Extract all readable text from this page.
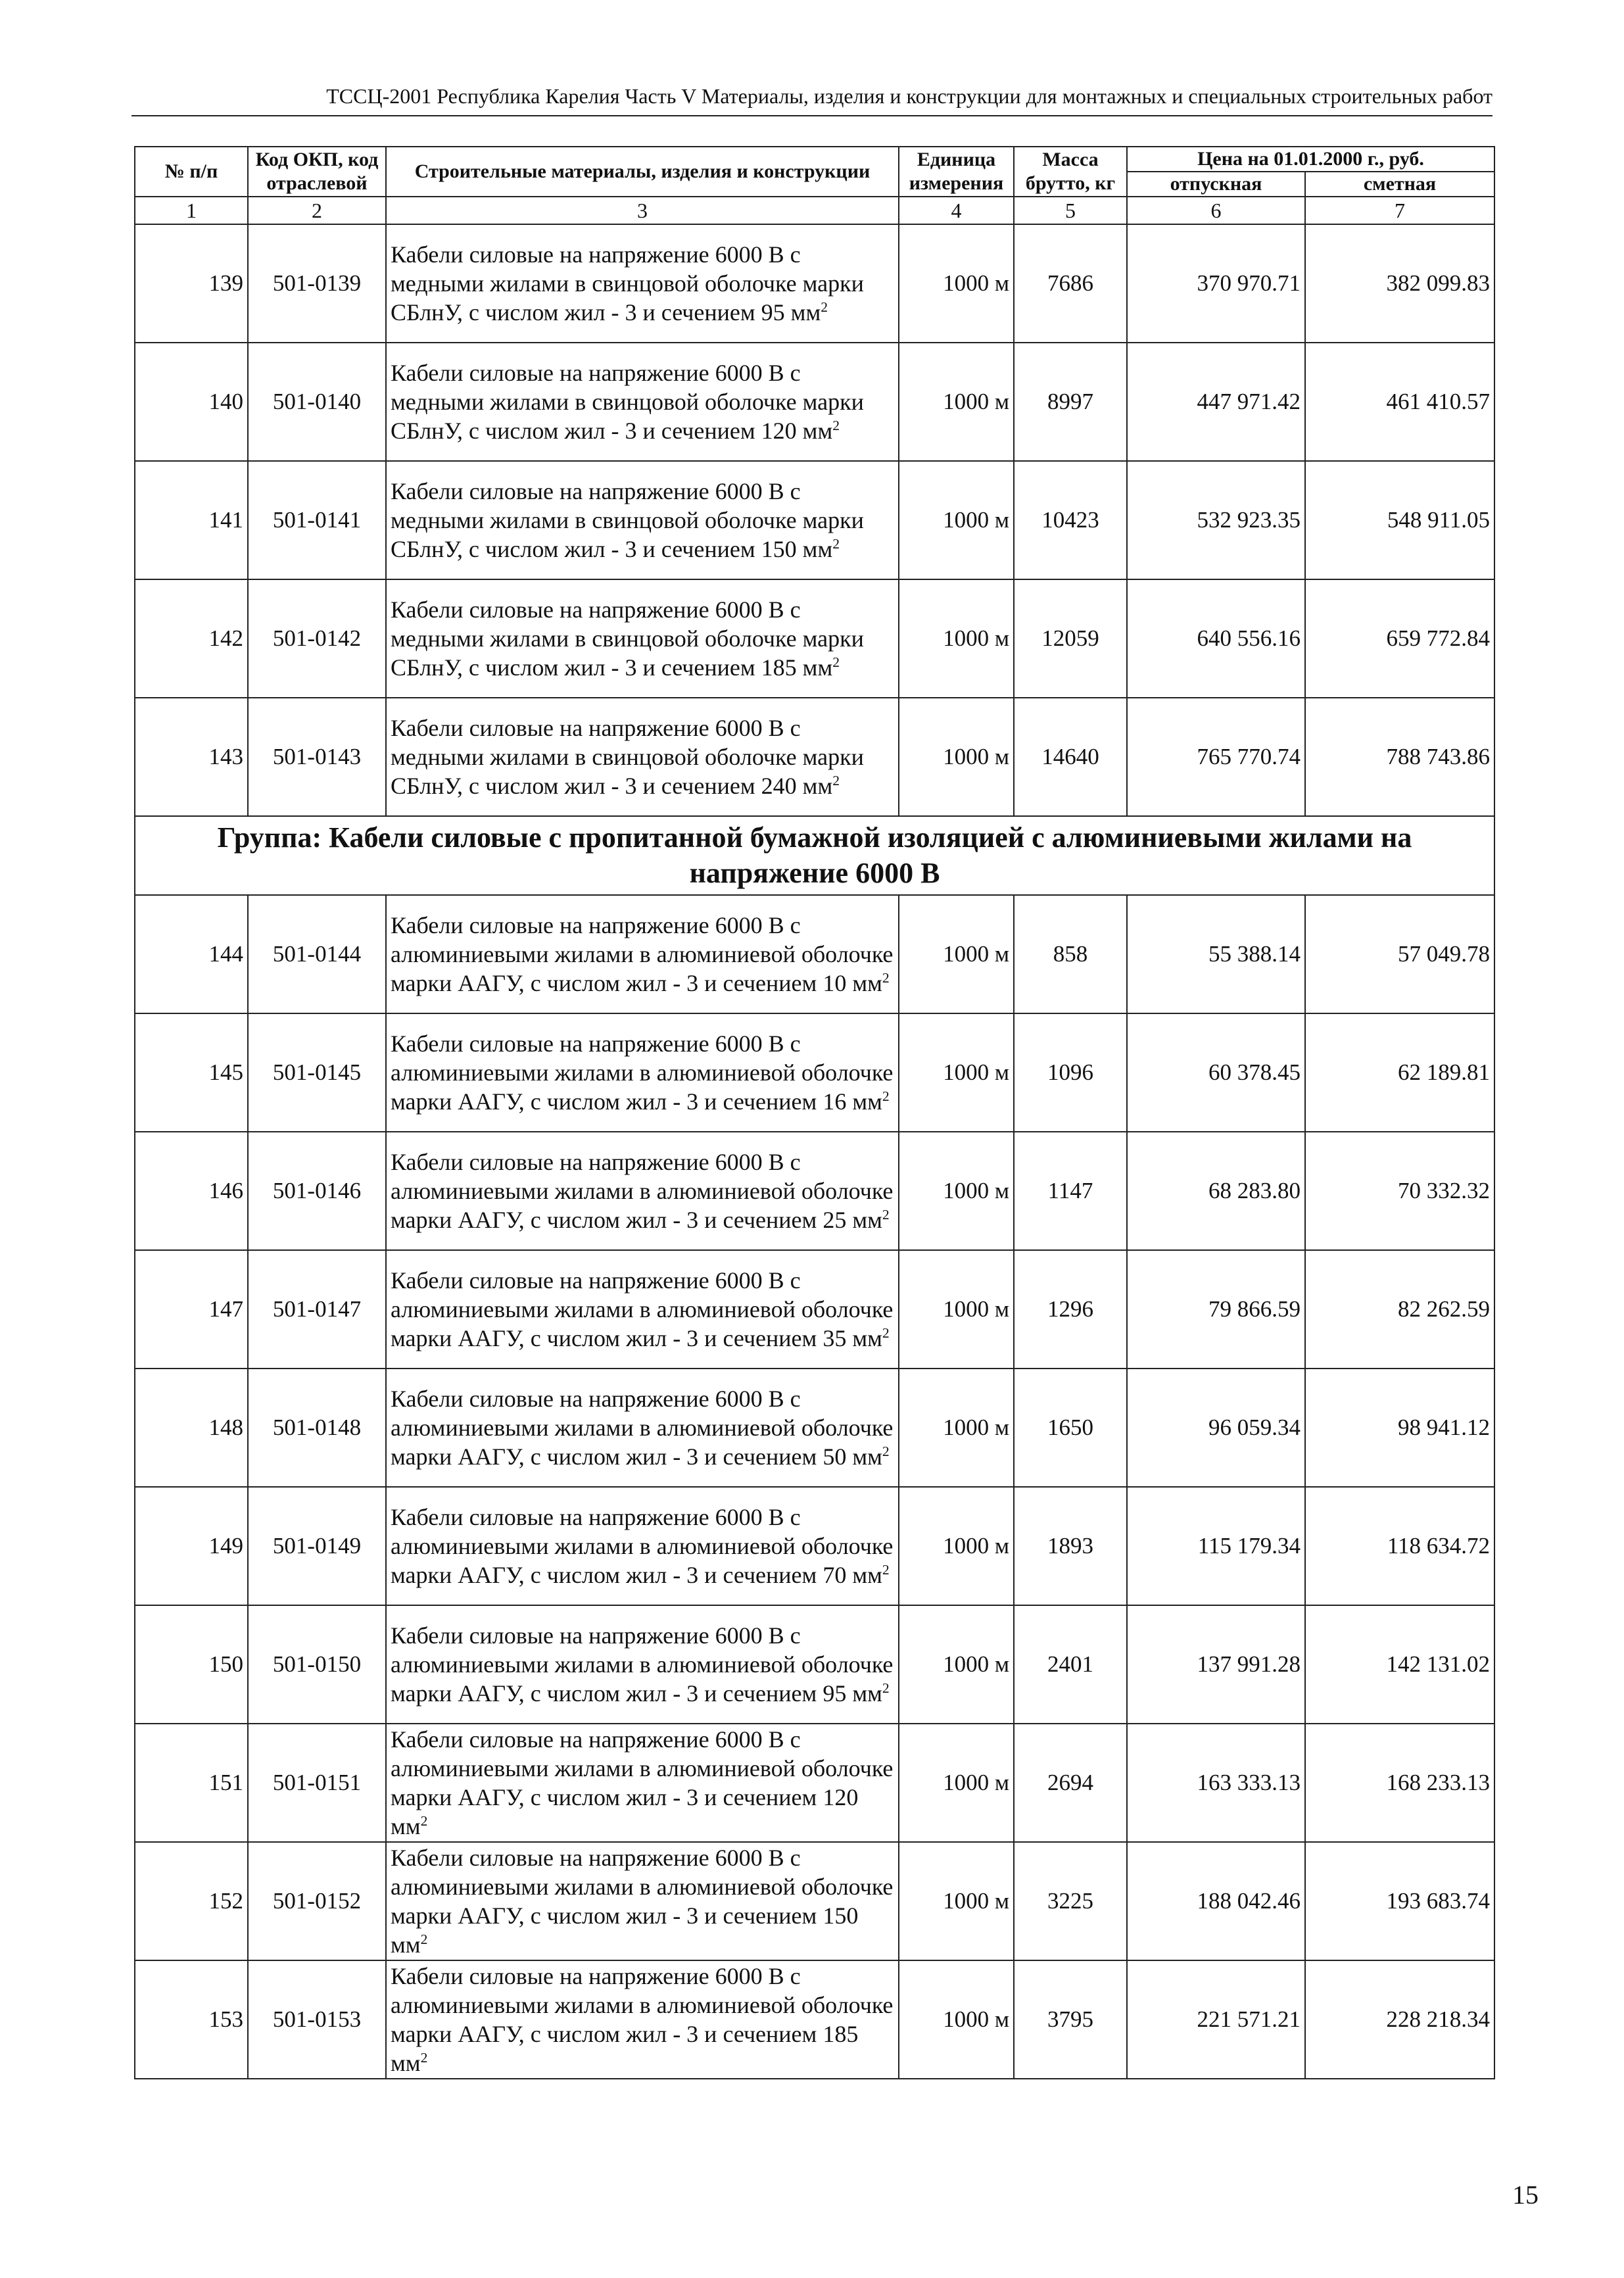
ТССЦ-2001 Республика Карелия Часть V Материалы, изделия и конструкции для монтажных и специальных строительных работ
№ п/п	Код ОКП, код отраслевой	Строительные материалы, изделия и конструкции	Единица измерения	Масса брутто, кг	Цена на 01.01.2000 г., руб.	
					отпускная	сметная
1	2	3	4	5	6	7
139	501-0139	Кабели силовые на напряжение 6000 В с медными жилами в свинцовой оболочке марки СБлнУ, с числом жил - 3 и сечением 95 $мм^2$	1000 м	7686	370 970.71	382 099.83
140	501-0140	Кабели силовые на напряжение 6000 В с медными жилами в свинцовой оболочке марки СБлнУ, с числом жил - 3 и сечением 120 $мм^2$	1000 м	8997	447 971.42	461 410.57
141	501-0141	Кабели силовые на напряжение 6000 В с медными жилами в свинцовой оболочке марки СБлнУ, с числом жил - 3 и сечением 150 $мм^2$	1000 м	10423	532 923.35	548 911.05
142	501-0142	Кабели силовые на напряжение 6000 В с медными жилами в свинцовой оболочке марки СБлнУ, с числом жил - 3 и сечением 185 $мм^2$	1000 м	12059	640 556.16	659 772.84
143	501-0143	Кабели силовые на напряжение 6000 В с медными жилами в свинцовой оболочке марки СБлнУ, с числом жил - 3 и сечением 240 $мм^2$	1000 м	14640	765 770.74	788 743.86
Группа: Кабели силовые с пропитанной бумажной изоляцией с алюминиевыми жилами на напряжение 6000 В						
144	501-0144	Кабели силовые на напряжение 6000 В с алюминиевыми жилами в алюминиевой оболочке марки ААГУ, с числом жил - 3 и сечением 10 $мм^2$	1000 м	858	55 388.14	57 049.78
145	501-0145	Кабели силовые на напряжение 6000 В с алюминиевыми жилами в алюминиевой оболочке марки ААГУ, с числом жил - 3 и сечением 16 $мм^2$	1000 м	1096	60 378.45	62 189.81
146	501-0146	Кабели силовые на напряжение 6000 В с алюминиевыми жилами в алюминиевой оболочке марки ААГУ, с числом жил - 3 и сечением 25 $мм^2$	1000 м	1147	68 283.80	70 332.32
147	501-0147	Кабели силовые на напряжение 6000 В с алюминиевыми жилами в алюминиевой оболочке марки ААГУ, с числом жил - 3 и сечением 35 $мм^2$	1000 м	1296	79 866.59	82 262.59
148	501-0148	Кабели силовые на напряжение 6000 В с алюминиевыми жилами в алюминиевой оболочке марки ААГУ, с числом жил - 3 и сечением 50 $мм^2$	1000 м	1650	96 059.34	98 941.12
149	501-0149	Кабели силовые на напряжение 6000 В с алюминиевыми жилами в алюминиевой оболочке марки ААГУ, с числом жил - 3 и сечением 70 $мм^2$	1000 м	1893	115 179.34	118 634.72
150	501-0150	Кабели силовые на напряжение 6000 В с алюминиевыми жилами в алюминиевой оболочке марки ААГУ, с числом жил - 3 и сечением 95 $мм^2$	1000 м	2401	137 991.28	142 131.02
151	501-0151	Кабели силовые на напряжение 6000 В с алюминиевыми жилами в алюминиевой оболочке марки ААГУ, с числом жил - 3 и сечением 120 $мм^2$	1000 м	2694	163 333.13	168 233.13
152	501-0152	Кабели силовые на напряжение 6000 В с алюминиевыми жилами в алюминиевой оболочке марки ААГУ, с числом жил - 3 и сечением 150 $мм^2$	1000 м	3225	188 042.46	193 683.74
153	501-0153	Кабели силовые на напряжение 6000 В с алюминиевыми жилами в алюминиевой оболочке марки ААГУ, с числом жил - 3 и сечением 185 $мм^2$	1000 м	3795	221 571.21	228 218.34
15
